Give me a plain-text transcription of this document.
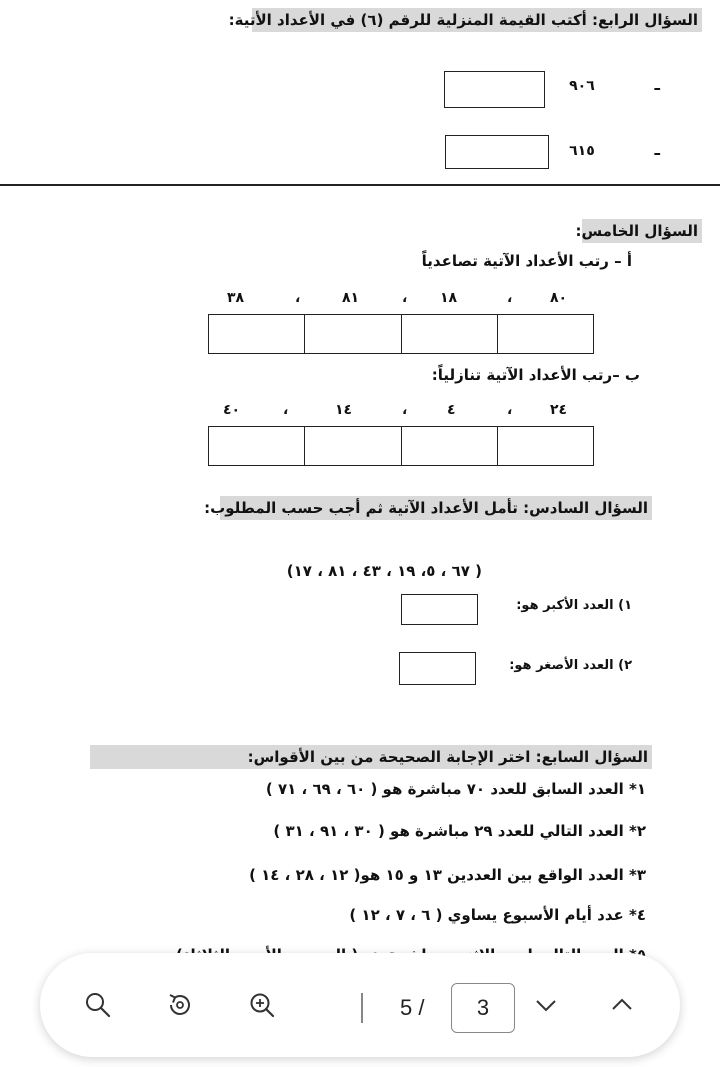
السؤال الرابع: أكتب القيمة المنزلية للرقم (٦) في الأعداد الأتية:
ـ  ٩٠٦
ـ  ٦١٥
السؤال الخامس:
أ – رتب الأعداد الآتية تصاعدياً
٨٠
،
١٨
،
٨١
،
٣٨
ب –رتب الأعداد الآتية تنازلياً:
٢٤
،
٤
،
١٤
،
٤٠
السؤال السادس: تأمل الأعداد الآتية ثم أجب حسب المطلوب:
( ٦٧ ، ٥، ١٩ ، ٤٣ ، ٨١ ، ١٧)
١) العدد الأكبر هو:
٢) العدد الأصغر هو:
السؤال السابع: اختر الإجابة الصحيحة من بين الأقواس:
١* العدد السابق للعدد ٧٠ مباشرة هو ( ٦٠ ، ٦٩ ، ٧١ )
٢* العدد التالي للعدد ٢٩ مباشرة هو ( ٣٠ ، ٩١ ، ٣١ )
٣* العدد الواقع بين العددين ١٣ و ١٥ هو( ١٢ ، ٢٨ ، ١٤ )
٤* عدد أيام الأسبوع يساوي ( ٦ ، ٧ ، ١٢ )
5 /	3
